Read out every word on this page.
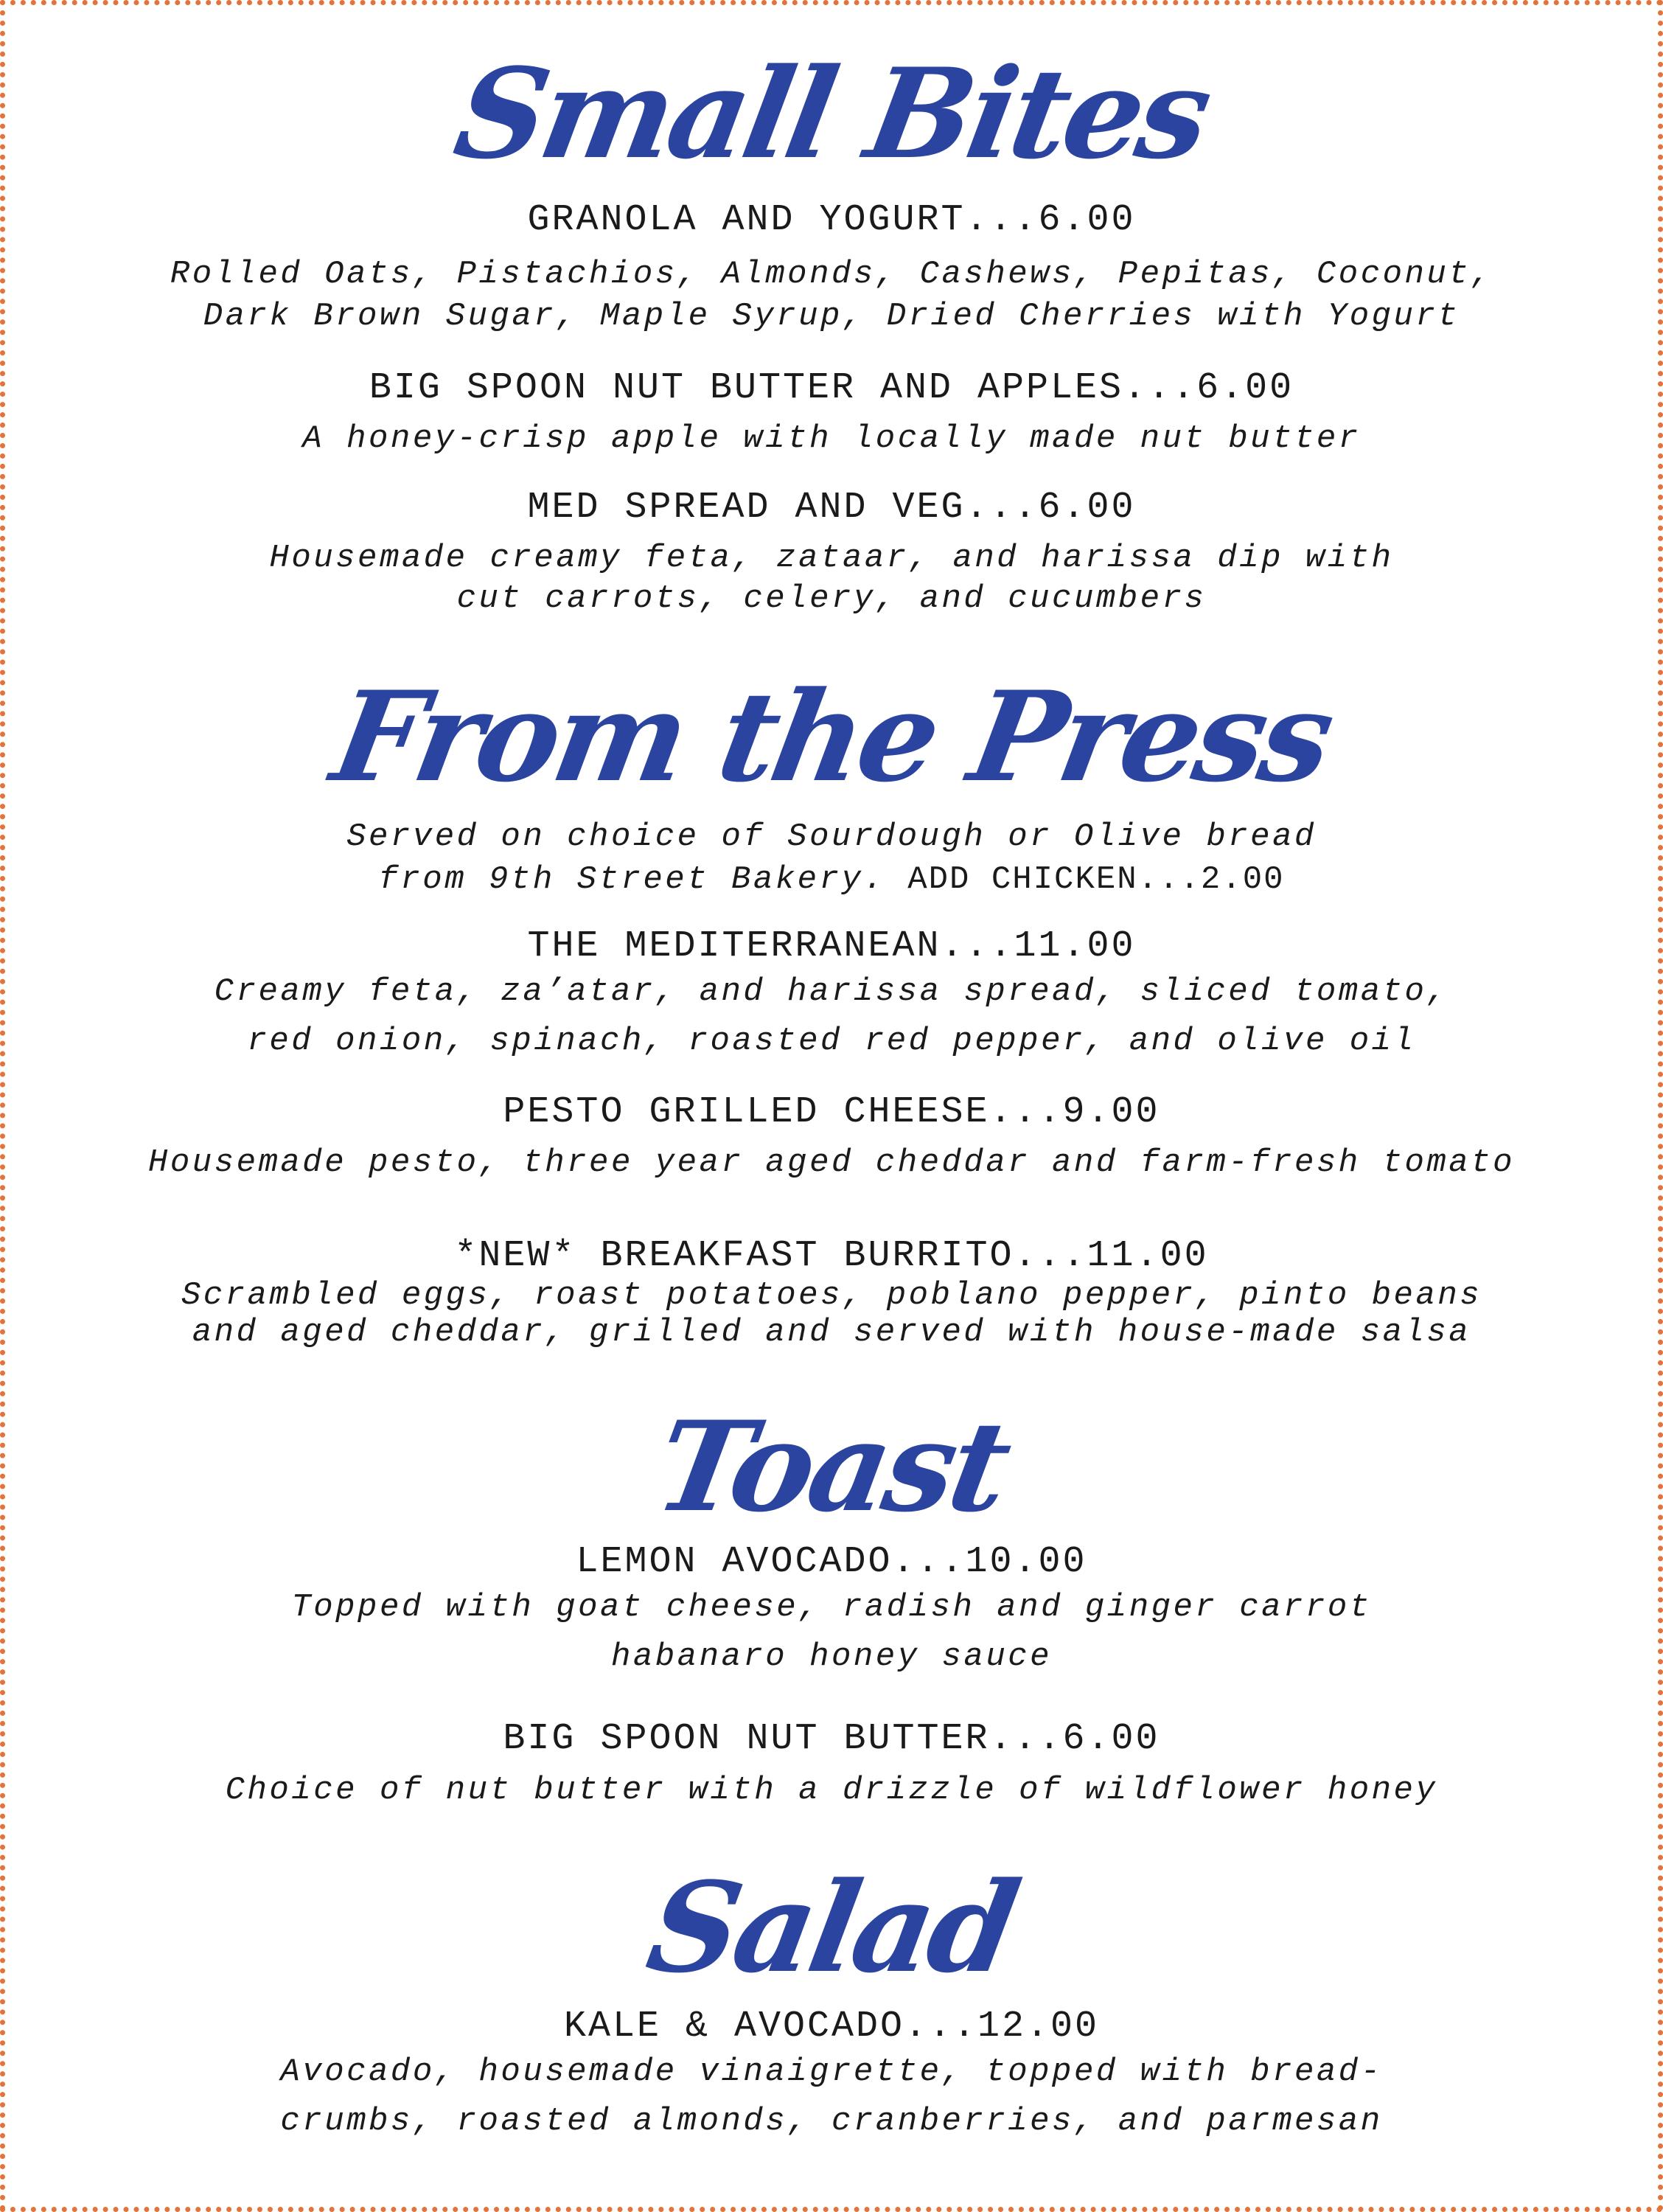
Small Bites
GRANOLA AND YOGURT...6.00
Rolled Oats, Pistachios, Almonds, Cashews, Pepitas, Coconut,
Dark Brown Sugar, Maple Syrup, Dried Cherries with Yogurt
BIG SPOON NUT BUTTER AND APPLES...6.00
A honey-crisp apple with locally made nut butter
MED SPREAD AND VEG...6.00
Housemade creamy feta, zataar, and harissa dip with
cut carrots, celery, and cucumbers
From the Press
Served on choice of Sourdough or Olive bread
from 9th Street Bakery. ADD CHICKEN...2.00
THE MEDITERRANEAN...11.00
Creamy feta, za’atar, and harissa spread, sliced tomato,
red onion, spinach, roasted red pepper, and olive oil
PESTO GRILLED CHEESE...9.00
Housemade pesto, three year aged cheddar and farm-fresh tomato
*NEW* BREAKFAST BURRITO...11.00
Scrambled eggs, roast potatoes, poblano pepper, pinto beans
and aged cheddar, grilled and served with house-made salsa
Toast
LEMON AVOCADO...10.00
Topped with goat cheese, radish and ginger carrot
habanaro honey sauce
BIG SPOON NUT BUTTER...6.00
Choice of nut butter with a drizzle of wildflower honey
Salad
KALE & AVOCADO...12.00
Avocado, housemade vinaigrette, topped with bread-
crumbs, roasted almonds, cranberries, and parmesan
